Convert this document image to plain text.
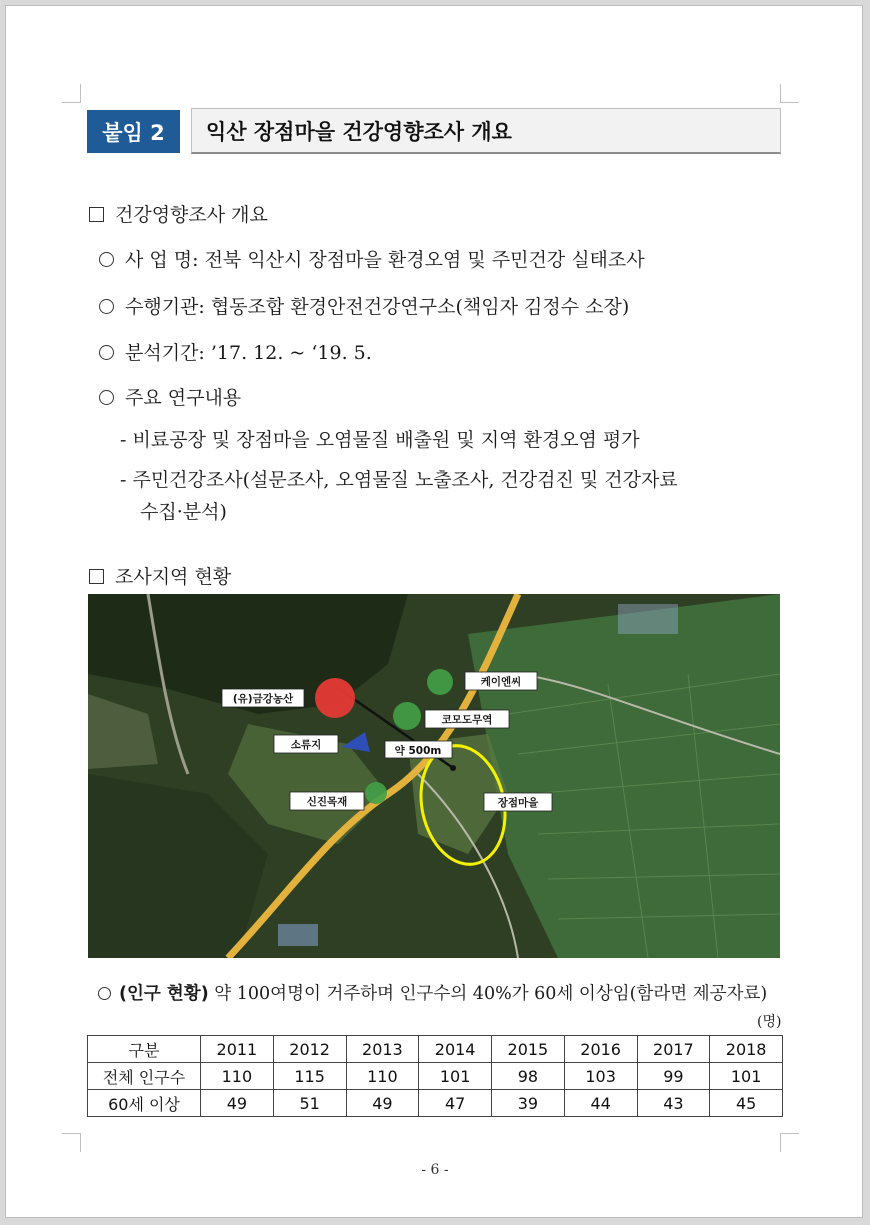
붙임 2	익산 장점마을 건강영향조사 개요
건강영향조사 개요
사 업 명: 전북 익산시 장점마을 환경오염 및 주민건강 실태조사
수행기관: 협동조합 환경안전건강연구소(책임자 김정수 소장)
분석기간: ’17. 12. ~ ‘19. 5.
주요 연구내용
- 비료공장 및 장점마을 오염물질 배출원 및 지역 환경오염 평가
- 주민건강조사(설문조사, 오염물질 노출조사, 건강검진 및 건강자료
수집·분석)
조사지역 현황
(유)금강농산
케이엔씨
코모도무역
소류지	약 500m
신진목재	장점마을
(인구 현황) 약 100여명이 거주하며 인구수의 40%가 60세 이상임(함라면 제공자료)
(명)
구분	2011	2012	2013	2014	2015	2016	2017	2018
전체 인구수	110	115	110	101	98	103	99	101
60세 이상	49	51	49	47	39	44	43	45
- 6 -
